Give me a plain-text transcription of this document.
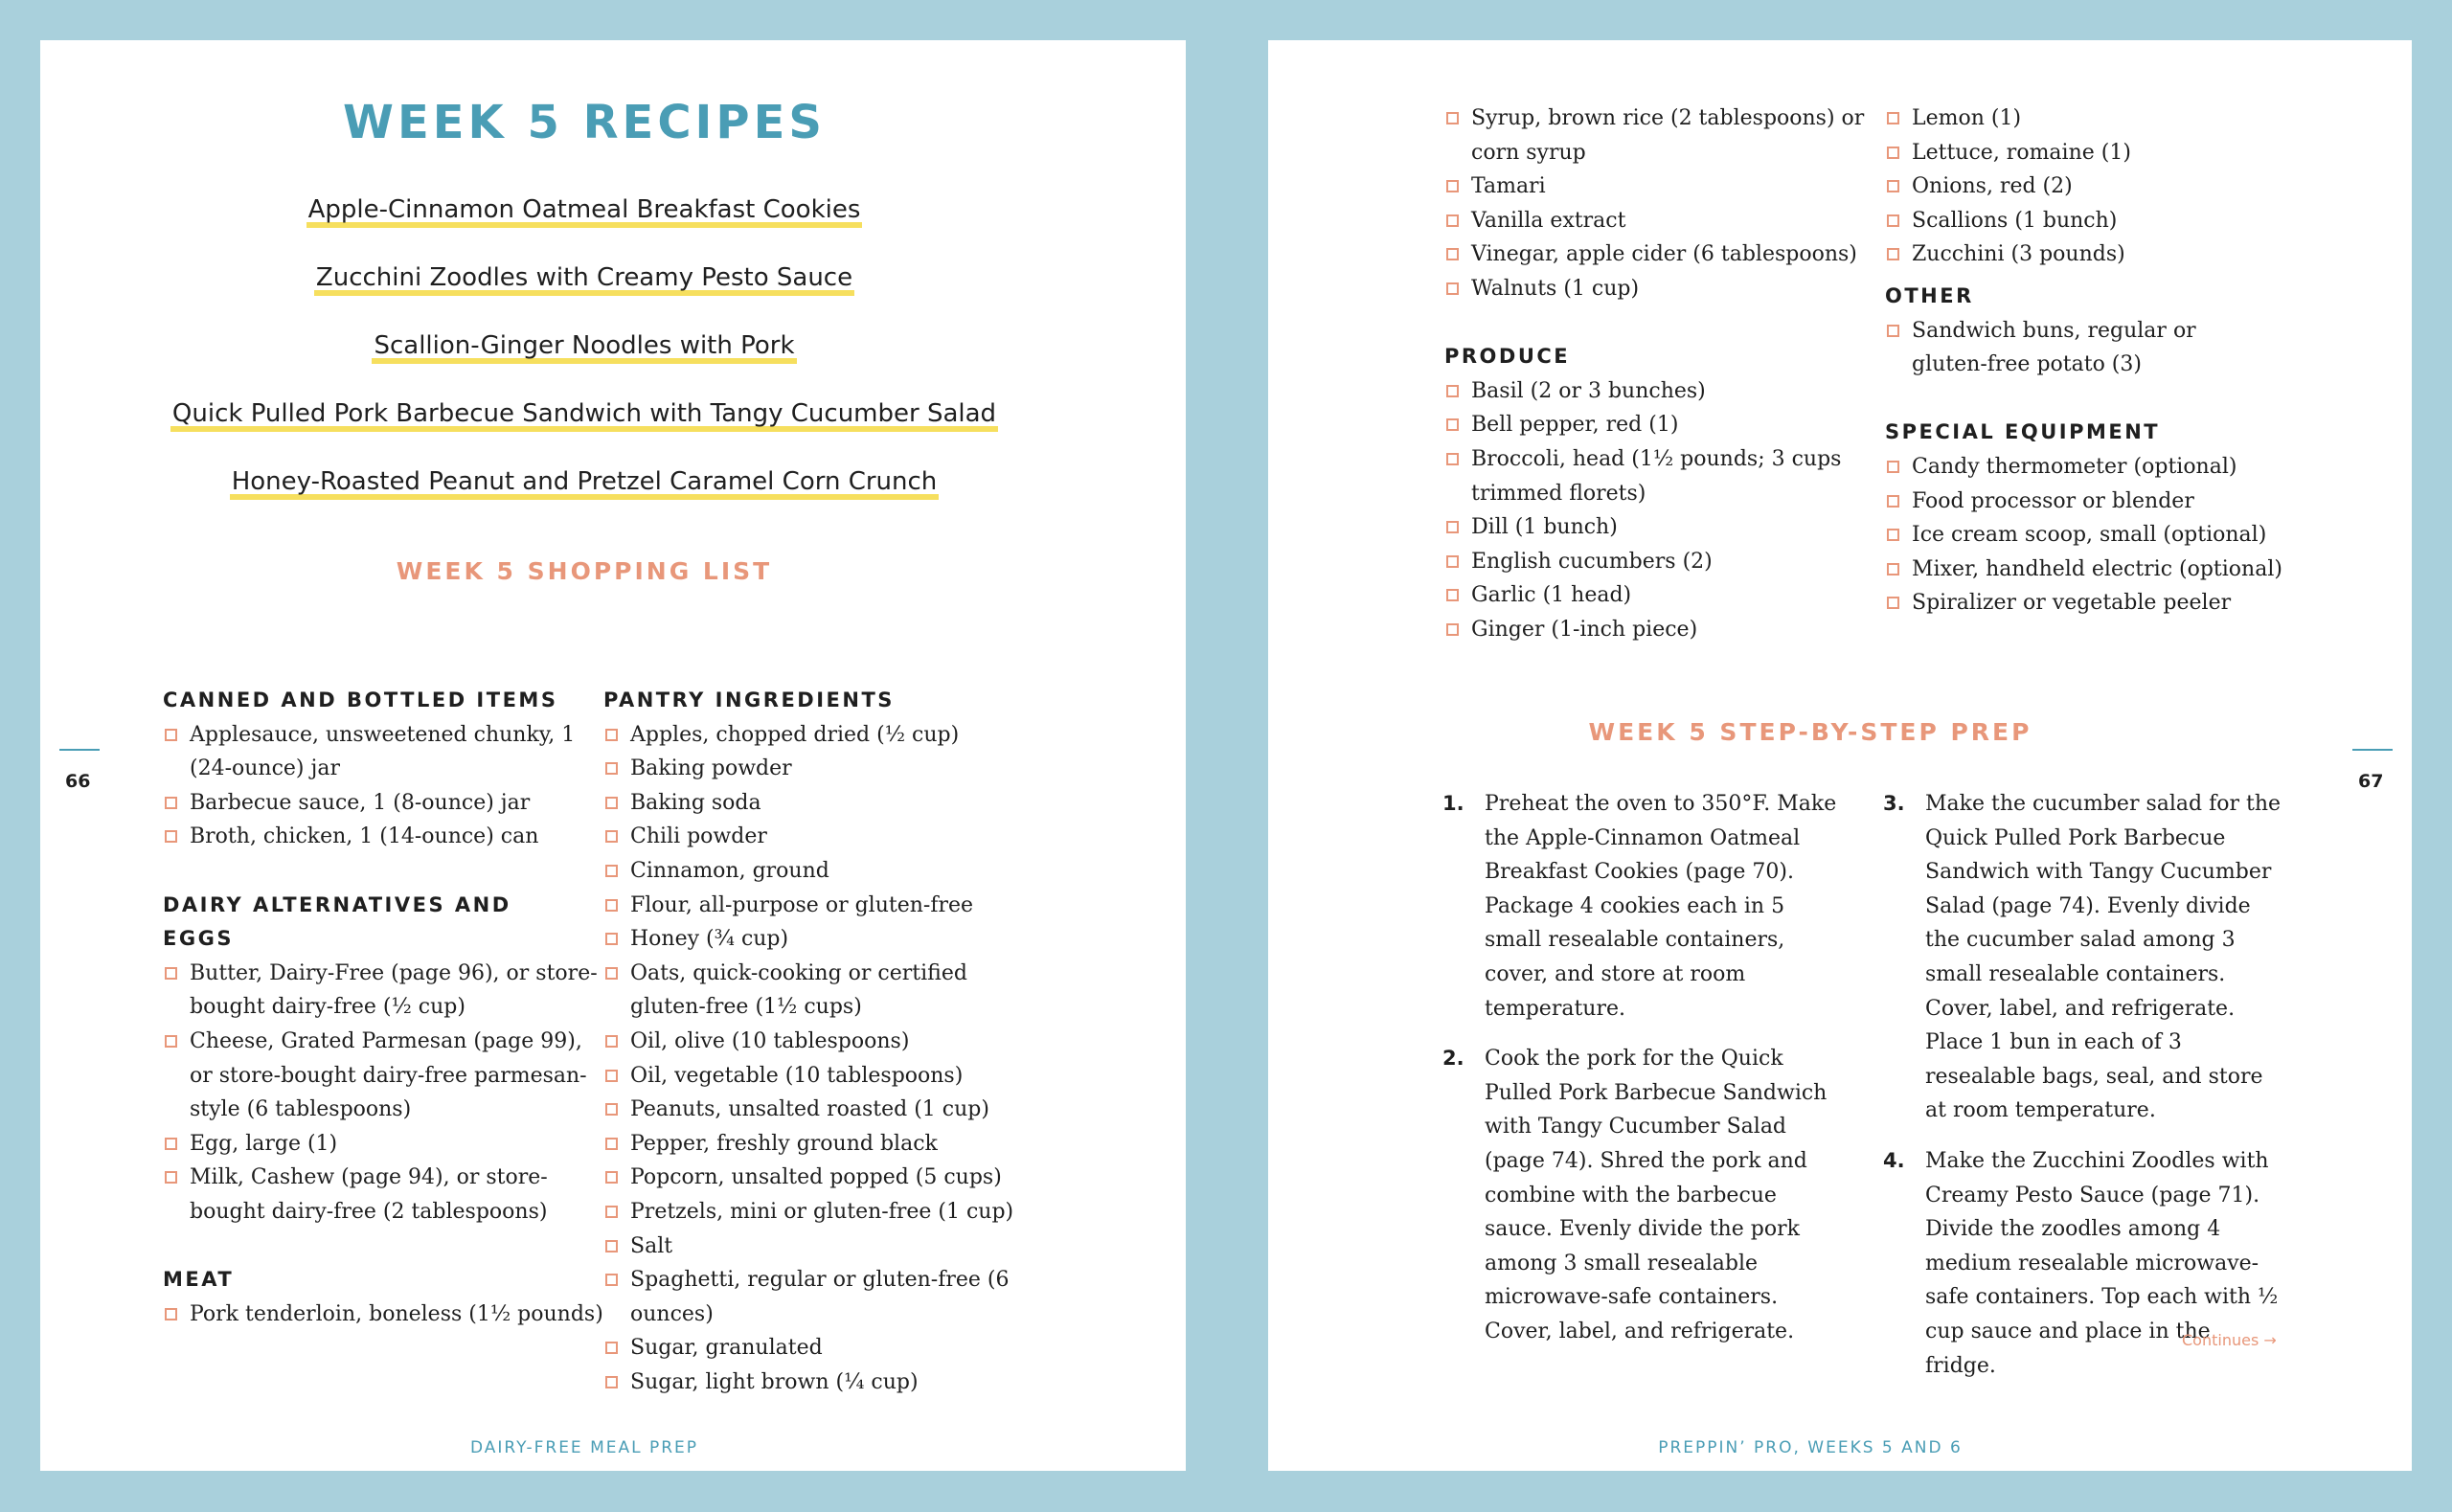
WEEK 5 RECIPES
Apple-Cinnamon Oatmeal Breakfast Cookies
Zucchini Zoodles with Creamy Pesto Sauce
Scallion-Ginger Noodles with Pork
Quick Pulled Pork Barbecue Sandwich with Tangy Cucumber Salad
Honey-Roasted Peanut and Pretzel Caramel Corn Crunch
WEEK 5 SHOPPING LIST
CANNED AND BOTTLED ITEMS
Applesauce, unsweetened chunky, 1 (24-ounce) jar
Barbecue sauce, 1 (8-ounce) jar
Broth, chicken, 1 (14-ounce) can
DAIRY ALTERNATIVES AND EGGS
Butter, Dairy-Free (page 96), or store-bought dairy-free (½ cup)
Cheese, Grated Parmesan (page 99), or store-bought dairy-free parmesan-style (6 tablespoons)
Egg, large (1)
Milk, Cashew (page 94), or store-bought dairy-free (2 tablespoons)
MEAT
Pork tenderloin, boneless (1½ pounds)
PANTRY INGREDIENTS
Apples, chopped dried (½ cup)
Baking powder
Baking soda
Chili powder
Cinnamon, ground
Flour, all-purpose or gluten-free
Honey (¾ cup)
Oats, quick-cooking or certified gluten-free (1½ cups)
Oil, olive (10 tablespoons)
Oil, vegetable (10 tablespoons)
Peanuts, unsalted roasted (1 cup)
Pepper, freshly ground black
Popcorn, unsalted popped (5 cups)
Pretzels, mini or gluten-free (1 cup)
Salt
Spaghetti, regular or gluten-free (6 ounces)
Sugar, granulated
Sugar, light brown (¼ cup)
DAIRY-FREE MEAL PREP
Syrup, brown rice (2 tablespoons) or corn syrup
Tamari
Vanilla extract
Vinegar, apple cider (6 tablespoons)
Walnuts (1 cup)
PRODUCE
Basil (2 or 3 bunches)
Bell pepper, red (1)
Broccoli, head (1½ pounds; 3 cups trimmed florets)
Dill (1 bunch)
English cucumbers (2)
Garlic (1 head)
Ginger (1-inch piece)
Lemon (1)
Lettuce, romaine (1)
Onions, red (2)
Scallions (1 bunch)
Zucchini (3 pounds)
OTHER
Sandwich buns, regular or gluten-free potato (3)
SPECIAL EQUIPMENT
Candy thermometer (optional)
Food processor or blender
Ice cream scoop, small (optional)
Mixer, handheld electric (optional)
Spiralizer or vegetable peeler
WEEK 5 STEP-BY-STEP PREP
1. Preheat the oven to 350°F. Make the Apple-Cinnamon Oatmeal Breakfast Cookies (page 70). Package 4 cookies each in 5 small resealable containers, cover, and store at room temperature.
2. Cook the pork for the Quick Pulled Pork Barbecue Sandwich with Tangy Cucumber Salad (page 74). Shred the pork and combine with the barbecue sauce. Evenly divide the pork among 3 small resealable microwave-safe containers. Cover, label, and refrigerate.
3. Make the cucumber salad for the Quick Pulled Pork Barbecue Sandwich with Tangy Cucumber Salad (page 74). Evenly divide the cucumber salad among 3 small resealable containers. Cover, label, and refrigerate. Place 1 bun in each of 3 resealable bags, seal, and store at room temperature.
4. Make the Zucchini Zoodles with Creamy Pesto Sauce (page 71). Divide the zoodles among 4 medium resealable microwave-safe containers. Top each with ½ cup sauce and place in the fridge.
PREPPIN’ PRO, WEEKS 5 AND 6
Continues →
66	67
